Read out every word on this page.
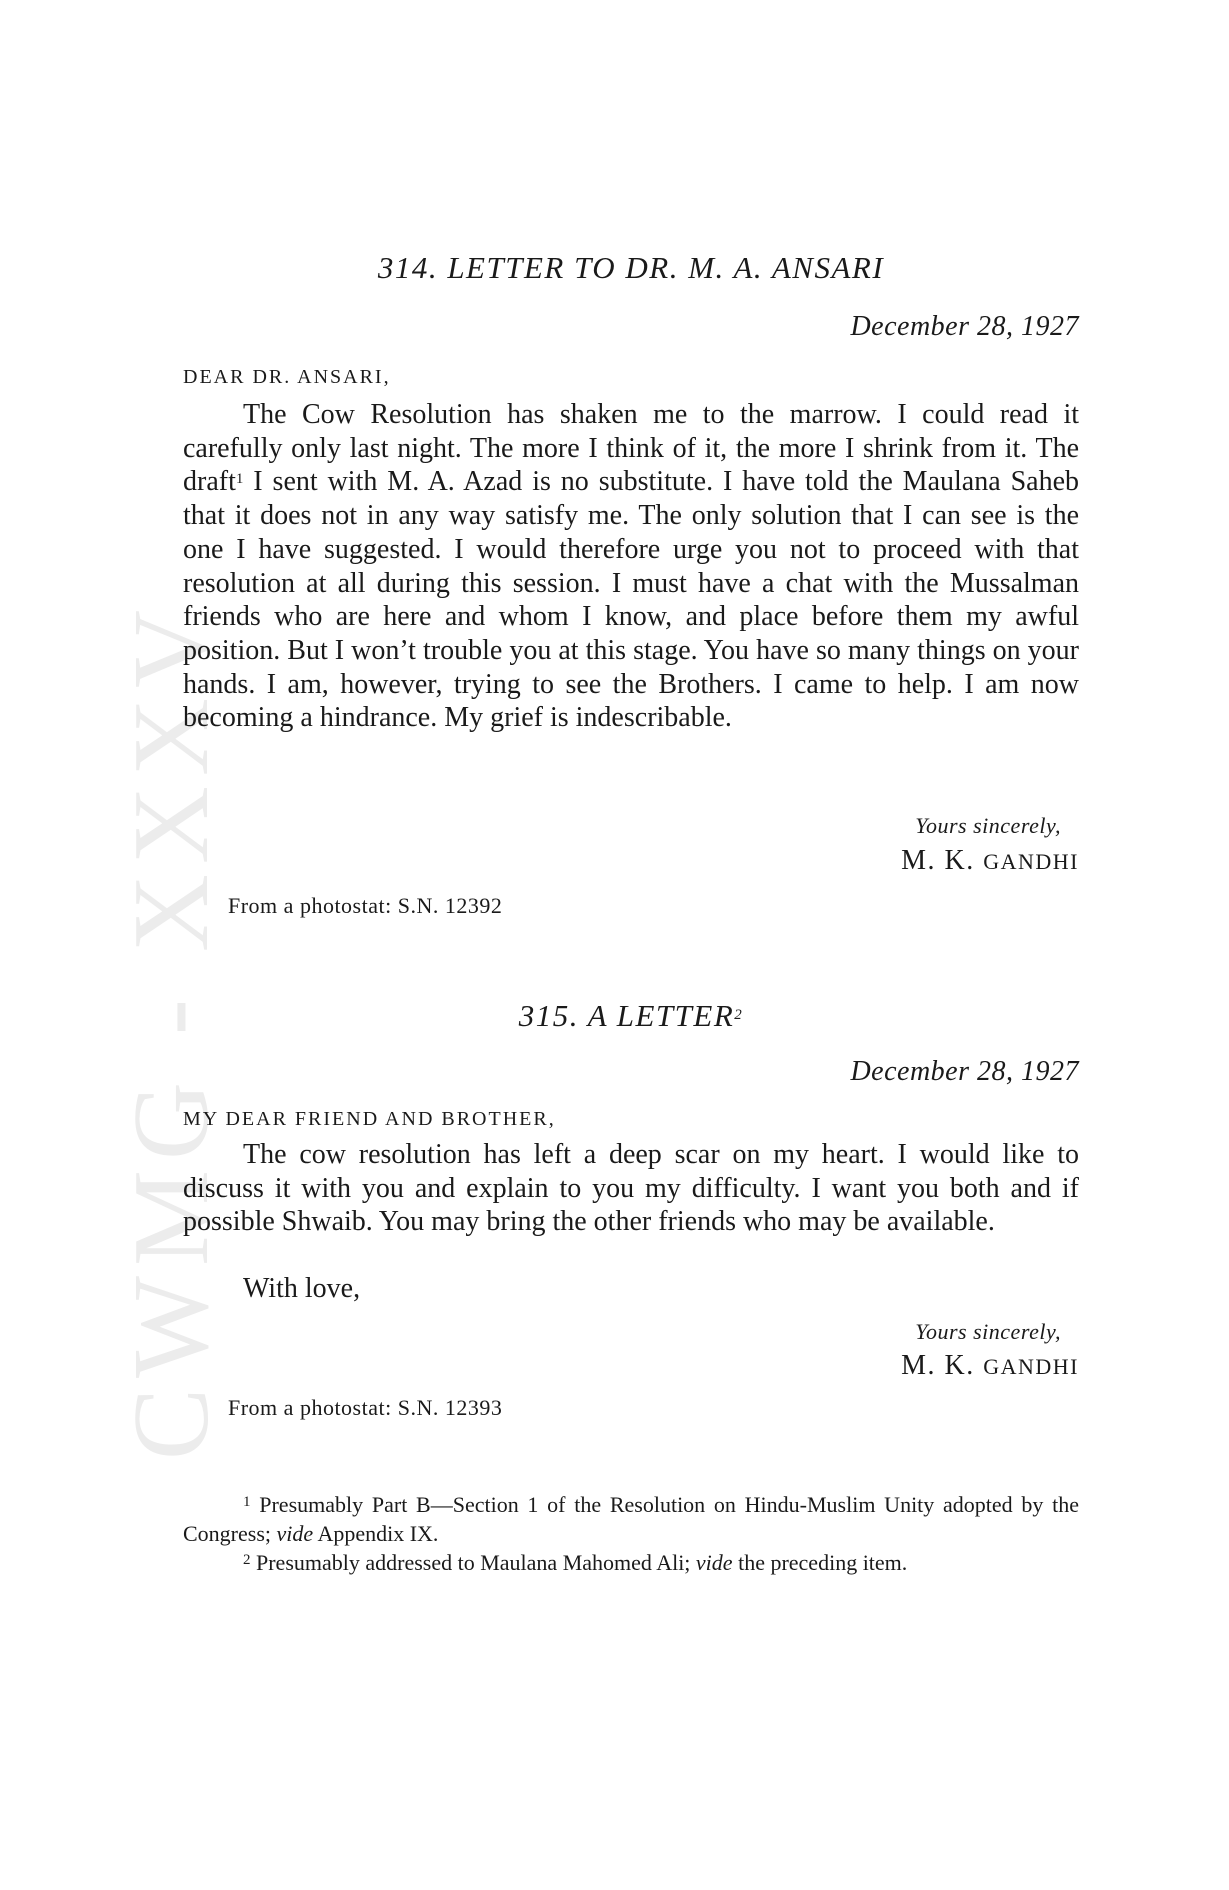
CWMG - XXXV
314. LETTER TO DR. M. A. ANSARI
December 28, 1927
DEAR DR. ANSARI,

The Cow Resolution has shaken me to the marrow. I could read it carefully only last night. The more I think of it, the more I shrink from it. The draft$^1$ I sent with M. A. Azad is no substitute. I have told the Maulana Saheb that it does not in any way satisfy me. The only solution that I can see is the one I have suggested. I would therefore urge you not to proceed with that resolution at all during this session. I must have a chat with the Mussalman friends who are here and whom I know, and place before them my awful position. But I won’t trouble you at this stage. You have so many things on your hands. I am, however, trying to see the Brothers. I came to help. I am now becoming a hindrance. My grief is indescribable.

Yours sincerely,
M. K. GANDHI
From a photostat: S.N. 12392
315. A LETTER$^2$
December 28, 1927
MY DEAR FRIEND AND BROTHER,

The cow resolution has left a deep scar on my heart. I would like to discuss it with you and explain to you my difficulty. I want you both and if possible Shwaib. You may bring the other friends who may be available.

With love,
Yours sincerely,
M. K. GANDHI
From a photostat: S.N. 12393

$^1$ Presumably Part B—Section 1 of the Resolution on Hindu-Muslim Unity adopted by the Congress; vide Appendix IX.

$^2$ Presumably addressed to Maulana Mahomed Ali; vide the preceding item.
